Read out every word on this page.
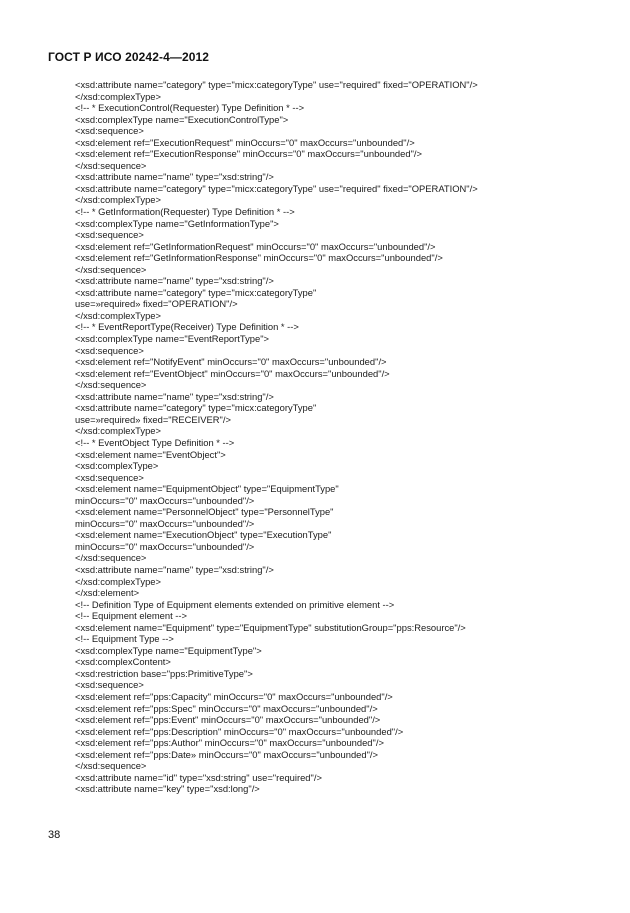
ГОСТ Р ИСО 20242-4—2012
<xsd:attribute name="category" type="micx:categoryType" use="required" fixed="OPERATION"/>
</xsd:complexType>
<!-- * ExecutionControl(Requester) Type Definition * -->
<xsd:complexType name="ExecutionControlType">
<xsd:sequence>
<xsd:element ref="ExecutionRequest" minOccurs="0" maxOccurs="unbounded"/>
<xsd:element ref="ExecutionResponse" minOccurs="0" maxOccurs="unbounded"/>
</xsd:sequence>
<xsd:attribute name="name" type="xsd:string"/>
<xsd:attribute name="category" type="micx:categoryType" use="required" fixed="OPERATION"/>
</xsd:complexType>
<!-- * GetInformation(Requester) Type Definition * -->
<xsd:complexType name="GetInformationType">
<xsd:sequence>
<xsd:element ref="GetInformationRequest" minOccurs="0" maxOccurs="unbounded"/>
<xsd:element ref="GetInformationResponse" minOccurs="0" maxOccurs="unbounded"/>
</xsd:sequence>
<xsd:attribute name="name" type="xsd:string"/>
<xsd:attribute name="category" type="micx:categoryType"
use=»required» fixed="OPERATION"/>
</xsd:complexType>
<!-- * EventReportType(Receiver) Type Definition * -->
<xsd:complexType name="EventReportType">
<xsd:sequence>
<xsd:element ref="NotifyEvent" minOccurs="0" maxOccurs="unbounded"/>
<xsd:element ref="EventObject" minOccurs="0" maxOccurs="unbounded"/>
</xsd:sequence>
<xsd:attribute name="name" type="xsd:string"/>
<xsd:attribute name="category" type="micx:categoryType"
use=»required» fixed="RECEIVER"/>
</xsd:complexType>
<!-- * EventObject Type Definition * -->
<xsd:element name="EventObject">
<xsd:complexType>
<xsd:sequence>
<xsd:element name="EquipmentObject" type="EquipmentType"
minOccurs="0" maxOccurs="unbounded"/>
<xsd:element name="PersonnelObject" type="PersonnelType"
minOccurs="0" maxOccurs="unbounded"/>
<xsd:element name="ExecutionObject" type="ExecutionType"
minOccurs="0" maxOccurs="unbounded"/>
</xsd:sequence>
<xsd:attribute name="name" type="xsd:string"/>
</xsd:complexType>
</xsd:element>
<!-- Definition Type of Equipment elements extended on primitive element -->
<!-- Equipment element -->
<xsd:element name="Equipment" type="EquipmentType" substitutionGroup="pps:Resource"/>
<!-- Equipment Type -->
<xsd:complexType name="EquipmentType">
<xsd:complexContent>
<xsd:restriction base="pps:PrimitiveType">
<xsd:sequence>
<xsd:element ref="pps:Capacity" minOccurs="0" maxOccurs="unbounded"/>
<xsd:element ref="pps:Spec" minOccurs="0" maxOccurs="unbounded"/>
<xsd:element ref="pps:Event" minOccurs="0" maxOccurs="unbounded"/>
<xsd:element ref="pps:Description" minOccurs="0" maxOccurs="unbounded"/>
<xsd:element ref="pps:Author" minOccurs="0" maxOccurs="unbounded"/>
<xsd:element ref="pps:Date» minOccurs="0" maxOccurs="unbounded"/>
</xsd:sequence>
<xsd:attribute name="id" type="xsd:string" use="required"/>
<xsd:attribute name="key" type="xsd:long"/>
38
